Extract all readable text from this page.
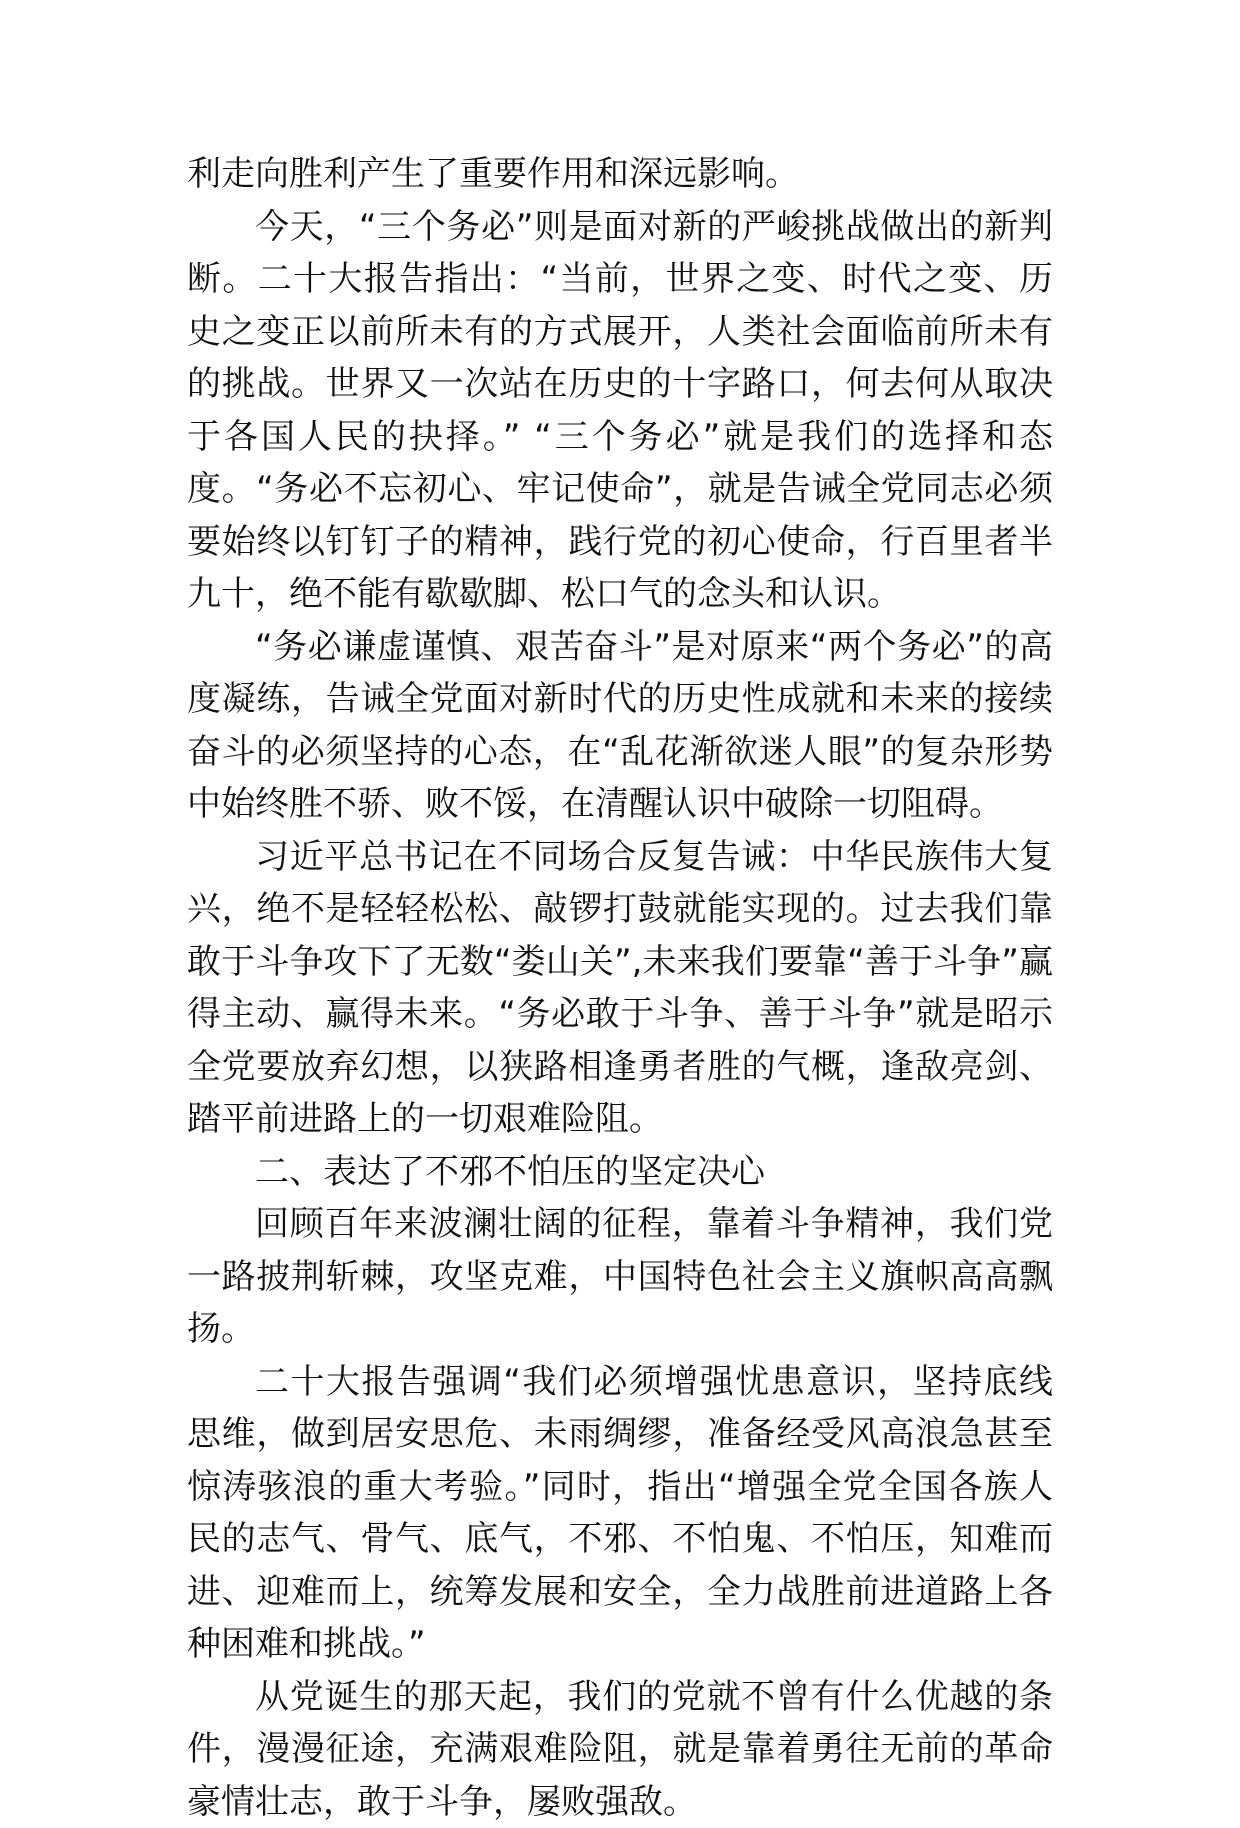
利走向胜利产生了重要作用和深远影响。

今天，“三个务必”则是面对新的严峻挑战做出的新判断。二十大报告指出：“当前，世界之变、时代之变、历史之变正以前所未有的方式展开，人类社会面临前所未有的挑战。世界又一次站在历史的十字路口，何去何从取决于各国人民的抉择。” “三个务必”就是我们的选择和态度。“务必不忘初心、牢记使命”，就是告诫全党同志必须要始终以钉钉子的精神，践行党的初心使命，行百里者半九十，绝不能有歇歇脚、松口气的念头和认识。

“务必谦虚谨慎、艰苦奋斗”是对原来“两个务必”的高度凝练，告诫全党面对新时代的历史性成就和未来的接续奋斗的必须坚持的心态，在“乱花渐欲迷人眼”的复杂形势中始终胜不骄、败不馁，在清醒认识中破除一切阻碍。

习近平总书记在不同场合反复告诫：中华民族伟大复兴，绝不是轻轻松松、敲锣打鼓就能实现的。过去我们靠敢于斗争攻下了无数“娄山关”,未来我们要靠“善于斗争”赢得主动、赢得未来。“务必敢于斗争、善于斗争”就是昭示全党要放弃幻想，以狭路相逢勇者胜的气概，逢敌亮剑、踏平前进路上的一切艰难险阻。

二、表达了不邪不怕压的坚定决心

回顾百年来波澜壮阔的征程，靠着斗争精神，我们党一路披荆斩棘，攻坚克难，中国特色社会主义旗帜高高飘扬。

二十大报告强调“我们必须增强忧患意识，坚持底线思维，做到居安思危、未雨绸缪，准备经受风高浪急甚至惊涛骇浪的重大考验。”同时，指出“增强全党全国各族人民的志气、骨气、底气，不邪、不怕鬼、不怕压，知难而进、迎难而上，统筹发展和安全，全力战胜前进道路上各种困难和挑战。”

从党诞生的那天起，我们的党就不曾有什么优越的条件，漫漫征途，充满艰难险阻，就是靠着勇往无前的革命豪情壮志，敢于斗争，屡败强敌。
